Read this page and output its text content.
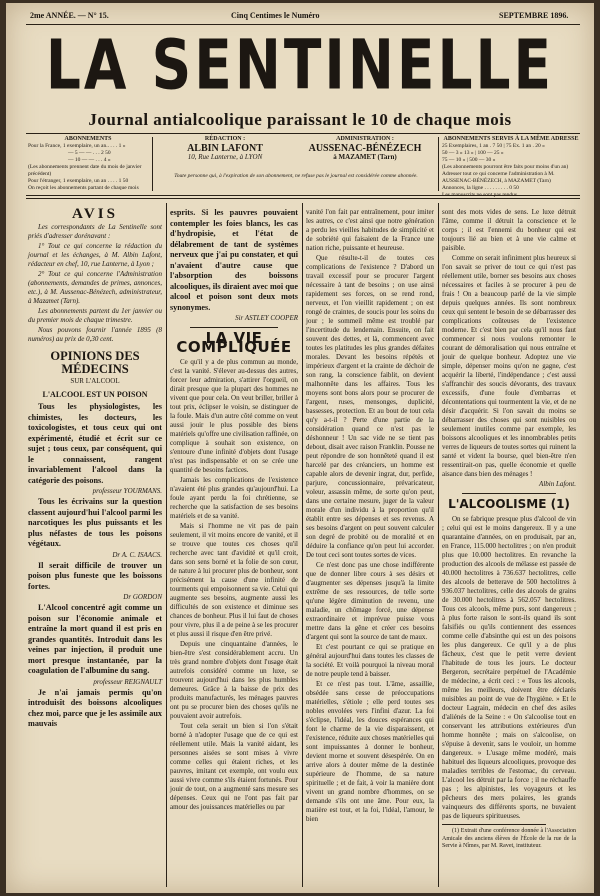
2me ANNÉE. — N° 15.	Cinq Centimes le Numéro	SEPTEMBRE 1896.
LA SENTINELLE
Journal antialcoolique paraissant le 10 de chaque mois
ABONNEMENTS
Pour la France, 1 exemplaire, un an.. . . . 1 »
— 5 — — . . . 2 50
— 10 — — . . . 4 »
(Les abonnements prennent date du mois de janvier précédent)
Pour l'étranger, 1 exemplaire, un an . . . . 1 50
On reçoit les abonnements partant de chaque mois
RÉDACTION :
ALBIN LAFONT
10, Rue Lanterne, à LYON
ADMINISTRATION :
AUSSENAC-BÉNÉZECH
à MAZAMET (Tarn)
Toute personne qui, à l'expiration de son abonnement, ne refuse pas le journal est considérée comme abonnée.
ABONNEMENTS SERVIS À LA MÊME ADRESSE
25 Exemplaires, 1 an . 7 50 | 75 Ex. 1 an . 20 »
50 — 3 » 13 » | 100 — 25 »
75 — 10 » | 500 — 30 »
(Les abonnements pourront être faits pour moins d'un an)
Adresser tout ce qui concerne l'administration à M. AUSSENAC-BÉNÉZECH, à MAZAMET (Tarn)
Annonces, la ligne . . . . . . . . . 0 50
Les manuscrits ne sont pas rendus.
AVIS

Les correspondants de La Sentinelle sont priés d'adresser dorénavant :

1° Tout ce qui concerne la rédaction du journal et les échanges, à M. Albin Lafont, rédacteur en chef, 10, rue Lanterne, à Lyon ;

2° Tout ce qui concerne l'Administration (abonnements, demandes de primes, annonces, etc.), à M. Aussenac-Bénézech, administrateur, à Mazamet (Tarn).

Les abonnements partent du 1er janvier ou du premier mois de chaque trimestre.

Nous pouvons fournir l'année 1895 (8 numéros) au prix de 0,30 cent.

OPINIONS DES MÉDECINS
SUR L'ALCOOL
L'ALCOOL EST UN POISON

Tous les physiologistes, les chimistes, les docteurs, les toxicologistes, et tous ceux qui ont expérimenté, étudié et écrit sur ce sujet ; tous ceux, par conséquent, qui le connaissent, rangent invariablement l'alcool dans la catégorie des poisons.

professeur YOURMANS.

Tous les écrivains sur la question classent aujourd'hui l'alcool parmi les narcotiques les plus puissants et les plus néfastes de tous les poisons végétaux.

Dr A. C. ISAACS.

Il serait difficile de trouver un poison plus funeste que les boissons fortes.

Dr GORDON

L'Alcool concentré agit comme un poison sur l'économie animale et entraîne la mort quand il est pris en grandes quantités. Introduit dans les veines par injection, il produit une mort presque instantanée, par la coagulation de l'albumine du sang.

professeur REIGNAULT

Je n'ai jamais permis qu'on introduisît des boissons alcooliques chez moi, parce que je les assimile aux mauvais

esprits. Si les pauvres pouvaient contempler les foies blancs, les cas d'hydropisie, et l'état de délabrement de tant de systèmes nerveux que j'ai pu constater, et qui n'avaient d'autre cause que l'absorption des boissons alcooliques, ils diraient avec moi que alcool et poison sont deux mots synonymes.

Sir ASTLEY COOPER

LA VIE COMPLIQUÉE

Ce qu'il y a de plus commun au monde, c'est la vanité. S'élever au-dessus des autres, forcer leur admiration, s'attirer l'orgueil, on dirait presque que la plupart des hommes ne vivent que pour cela. On veut briller, briller à tout prix, éclipser le voisin, se distinguer de la foule. Mais d'un autre côté comme on veut aussi jouir le plus possible des biens matériels qu'offre une civilisation raffinée, on complique à souhait son existence, on s'entoure d'une infinité d'objets dont l'usage n'est pas indispensable et on se crée une quantité de besoins factices.

Jamais les complications de l'existence n'avaient été plus grandes qu'aujourd'hui. La foule ayant perdu la foi chrétienne, se recherche que la satisfaction de ses besoins matériels et de sa vanité.

Mais si l'homme ne vit pas de pain seulement, il vit moins encore de vanité, et il se trouve que toutes ces choses qu'il recherche avec tant d'avidité et qu'il croit, dans son sens borné et la folie de son cœur, de nature à lui procurer plus de bonheur, sont précisément la cause d'une infinité de tourments qui empoisonnent sa vie. Celui qui augmente ses besoins, augmente aussi les difficultés de son existence et diminue ses chances de bonheur. Plus il lui faut de choses pour vivre, plus il a de peine à se les procurer et plus aussi il risque d'en être privé.

Depuis une cinquantaine d'années, le bien-être s'est considérablement accru. Un très grand nombre d'objets dont l'usage était autrefois considéré comme un luxe, se trouvent aujourd'hui dans les plus humbles demeures. Grâce à la baisse de prix des produits manufacturés, les ménages pauvres ont pu se procurer bien des choses qu'ils ne pouvaient avoir autrefois.

Tout cela serait un bien si l'on s'était borné à n'adopter l'usage que de ce qui est réellement utile. Mais la vanité aidant, les personnes aisées se sont mises à vivre comme celles qui étaient riches, et les pauvres, imitant cet exemple, ont voulu eux aussi vivre comme s'ils étaient fortunés. Pour jouir de tout, on a augmenté sans mesure ses dépenses. Ceux qui ne l'ont pas fait par amour des jouissances matérielles ou par

vanité l'on fait par entraînement, pour imiter les autres, ce c'est ainsi que notre génération a perdu les vieilles habitudes de simplicité et de sobriété qui faisaient de la France une nation riche, puissante et heureuse.

Que résulte-t-il de toutes ces complications de l'existence ? D'abord un travail excessif pour se procurer l'argent nécessaire à tant de besoins ; on use ainsi rapidement ses forces, on se rend rond, nerveux, et l'on vieillit rapidement ; on est rongé de craintes, de soucis pour les soins du jour ; le sommeil même est troublé par l'incertitude du lendemain. Ensuite, on fait souvent des dettes, et là, commencent avec toutes les platitudes les plus grandes défaites morales. Devant les besoins répétés et impérieux d'argent et la crainte de déchoir de son rang, la conscience faiblit, on devient malhonnête dans les affaires. Tous les moyens sont bons alors pour se procurer de l'argent, ruses, mensonges, duplicité, bassesses, protection. Et au bout de tout cela qu'y a-t-il ? Perte d'une partie de la considération quand ce n'est pas le déshonneur ! Un sac vide ne se tient pas debout, disait avec raison Franklin. Pousse ne peut répondre de son honnêteté quand il est harcelé par des créanciers, un homme est capable alors de devenir ingrat, dur, perfide, parjure, concussionnaire, prévaricateur, voleur, assassin même, de sorte qu'on peut, dans une certaine mesure, juger de la valeur morale d'un individu à la proportion qu'il établit entre ses dépenses et ses revenus. A ses besoins d'argent on peut souvent calculer son degré de probité ou de moralité et en déduire la confiance qu'on peut lui accorder. De tout ceci sont toutes sortes de vices.

Ce n'est donc pas une chose indifférente que de donner libre cours à ses désirs et d'augmenter ses dépenses jusqu'à la limite extrême de ses ressources, de telle sorte qu'une légère diminution de revenu, une maladie, un chômage forcé, une dépense extraordinaire et imprévue puisse vous mettre dans la gêne et créer ces besoins d'argent qui sont la source de tant de maux.

Et c'est pourtant ce qui se pratique en général aujourd'hui dans toutes les classes de la société. Et voilà pourquoi la niveau moral de notre peuple tend à baisser.

Et ce n'est pas tout. L'âme, assaillie, obsédée sans cesse de préoccupations matérielles, s'étiole ; elle perd toutes ses nobles envolées vers l'infini d'azur. La foi s'éclipse, l'idéal, les douces espérances qui font le charme de la vie disparaissent, et l'existence, réduite aux choses matérielles qui sont impuissantes à donner le bonheur, devient morne et souvent désespérée. On en arrive alors à douter même de la destinée supérieure de l'homme, de sa nature spirituelle ; et de fait, à voir la manière dont vivent un grand nombre d'hommes, on se demande s'ils ont une âme. Pour eux, la matière est tout, et la foi, l'idéal, l'amour, le bien

sont des mots vides de sens. Le luxe détruit l'âme, comme il détruit la conscience et le corps ; il est l'ennemi du bonheur qui est toujours lié au bien et à une vie calme et paisible.

Comme on serait infiniment plus heureux si l'on savait se priver de tout ce qui n'est pas réellement utile, borner ses besoins aux choses nécessaires et faciles à se procurer à peu de frais ! On a beaucoup parlé de la vie simple depuis quelques années. Ils sont nombreux ceux qui sentent le besoin de se débarrasser des complications coûteuses de l'existence moderne. Et c'est bien par cela qu'il nous faut commencer si nous voulons remonter le courant de démoralisation qui nous entraîne et jouir de quelque bonheur. Adoptez une vie simple, dépenser moins qu'on ne gagne, c'est acquérir la liberté, l'indépendance ; c'est aussi s'affranchir des soucis dévorants, des travaux excessifs, d'une foule d'embarras et décontentations qui tourmentent la vie, et de ne désir d'acquérir. Si l'on savait du moins se débarrasser des choses qui sont nuisibles ou seulement inutiles comme par exemple, les boissons alcooliques et les innombrables petits verres de liqueurs de toutes sortes qui ruinent la santé et vident la bourse, quel bien-être n'en ressentirait-on pas, quelle économie et quelle aisance dans bien des ménages !

Albin Lafont.

L'ALCOOLISME (1)

On se fabrique presque plus d'alcool de vin ; celui qui est le moins dangereux. Il y a une quarantaine d'années, on en produisait, par an, en France, 115.000 hectolitres ; on n'en produit plus que 10.000 hectolitres. En revanche la production des alcools de mélasse est passée de 40.000 hectolitres à 736.637 hectolitres, celle des alcools de betterave de 500 hectolitres à 936.037 hectolitres, celle des alcools de grains de 30.000 hectolitres à 562.057 hectolitres. Tous ces alcools, même purs, sont dangereux ; à plus forte raison le sont-ils quand ils sont falsifiés ou qu'ils contiennent des essences comme celle d'absinthe qui est un des poisons les plus dangereux. Ce qu'il y a de plus fâcheux, c'est que le petit verre devient l'habitude de tous les jours. Le docteur Bergeron, secrétaire perpétuel de l'Académie de médecine, a écrit ceci : « Tous les alcools, même les meilleurs, doivent être déclarés nuisibles au point de vue de l'hygiène. » Et le docteur Lagrain, médecin en chef des asiles d'aliénés de la Seine : « On s'alcoolise tout en conservant les attributions extérieures d'un homme honnête ; mais on s'alcoolise, on s'épuise à devenir, sans le vouloir, un homme dangereux. » L'usage même modéré, mais habituel des liqueurs alcooliques, provoque des maladies terribles de l'estomac, du cerveau. L'alcool les détruit par la force ; il ne réchauffe pas ; les alpinistes, les voyageurs et les pêcheurs des mers polaires, les grands vainqueurs des différents sports, ne buvaient pas de liqueurs spiritueuses.

(1) Extrait d'une conférence donnée à l'Association Amicale des anciens élèves de l'École de la rue de la Servie à Nîmes, par M. Ravet, instituteur.
